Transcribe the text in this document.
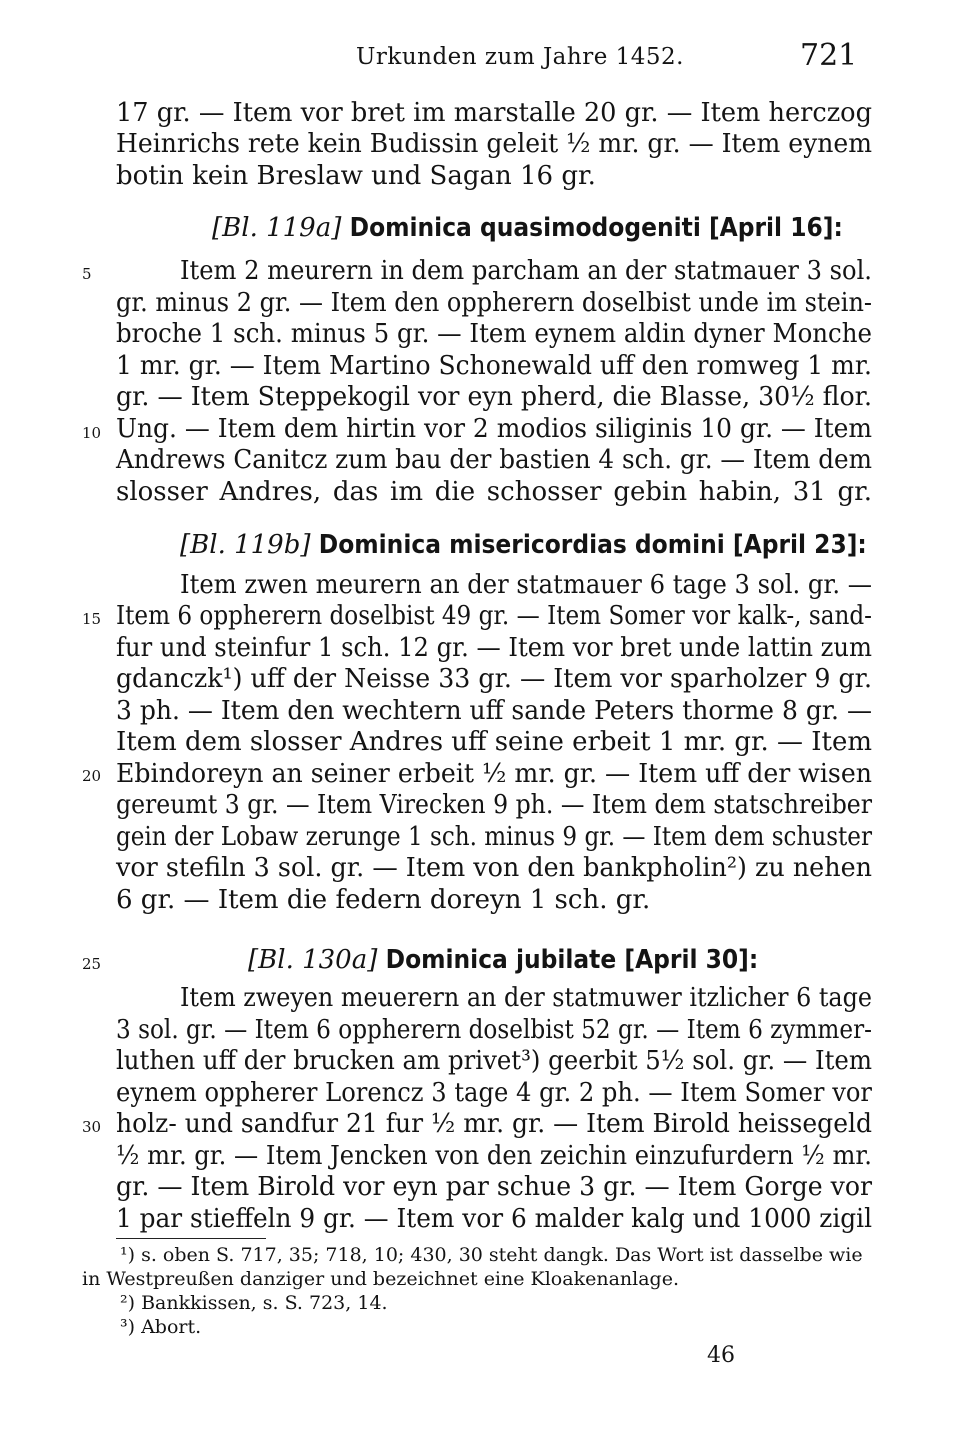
Urkunden zum Jahre 1452.	721
17 gr. — Item vor bret im marstalle 20 gr. — Item herczog
Heinrichs rete kein Budissin geleit ½ mr. gr. — Item eynem
botin kein Breslaw und Sagan 16 gr.
[Bl. 119a] Dominica quasimodogeniti [April 16]:
5	Item 2 meurern in dem parcham an der statmauer 3 sol.
gr. minus 2 gr. — Item den oppherern doselbist unde im stein-
broche 1 sch. minus 5 gr. — Item eynem aldin dyner Monche
1 mr. gr. — Item Martino Schonewald uff den romweg 1 mr.
gr. — Item Steppekogil vor eyn pherd, die Blasse, 30½ flor.
10 Ung. — Item dem hirtin vor 2 modios siliginis 10 gr. — Item
Andrews Canitcz zum bau der bastien 4 sch. gr. — Item dem
slosser Andres, das im die schosser gebin habin, 31 gr.
[Bl. 119b] Dominica misericordias domini [April 23]:
Item zwen meurern an der statmauer 6 tage 3 sol. gr. —
15 Item 6 oppherern doselbist 49 gr. — Item Somer vor kalk-, sand-
fur und steinfur 1 sch. 12 gr. — Item vor bret unde lattin zum
gdanczk¹) uff der Neisse 33 gr. — Item vor sparholzer 9 gr.
3 ph. — Item den wechtern uff sande Peters thorme 8 gr. —
Item dem slosser Andres uff seine erbeit 1 mr. gr. — Item
20 Ebindoreyn an seiner erbeit ½ mr. gr. — Item uff der wisen
gereumt 3 gr. — Item Virecken 9 ph. — Item dem statschreiber
gein der Lobaw zerunge 1 sch. minus 9 gr. — Item dem schuster
vor stefiln 3 sol. gr. — Item von den bankpholin²) zu nehen
6 gr. — Item die federn doreyn 1 sch. gr.
25	[Bl. 130a] Dominica jubilate [April 30]:
Item zweyen meuerern an der statmuwer itzlicher 6 tage
3 sol. gr. — Item 6 oppherern doselbist 52 gr. — Item 6 zymmer-
luthen uff der brucken am privet³) geerbit 5½ sol. gr. — Item
eynem oppherer Lorencz 3 tage 4 gr. 2 ph. — Item Somer vor
30 holz- und sandfur 21 fur ½ mr. gr. — Item Birold heissegeld
½ mr. gr. — Item Jencken von den zeichin einzufurdern ½ mr.
gr. — Item Birold vor eyn par schue 3 gr. — Item Gorge vor
1 par stieffeln 9 gr. — Item vor 6 malder kalg und 1000 zigil
¹) s. oben S. 717, 35; 718, 10; 430, 30 steht dangk. Das Wort ist dasselbe wie
in Westpreußen danziger und bezeichnet eine Kloakenanlage.
²) Bankkissen, s. S. 723, 14.
³) Abort.
46
